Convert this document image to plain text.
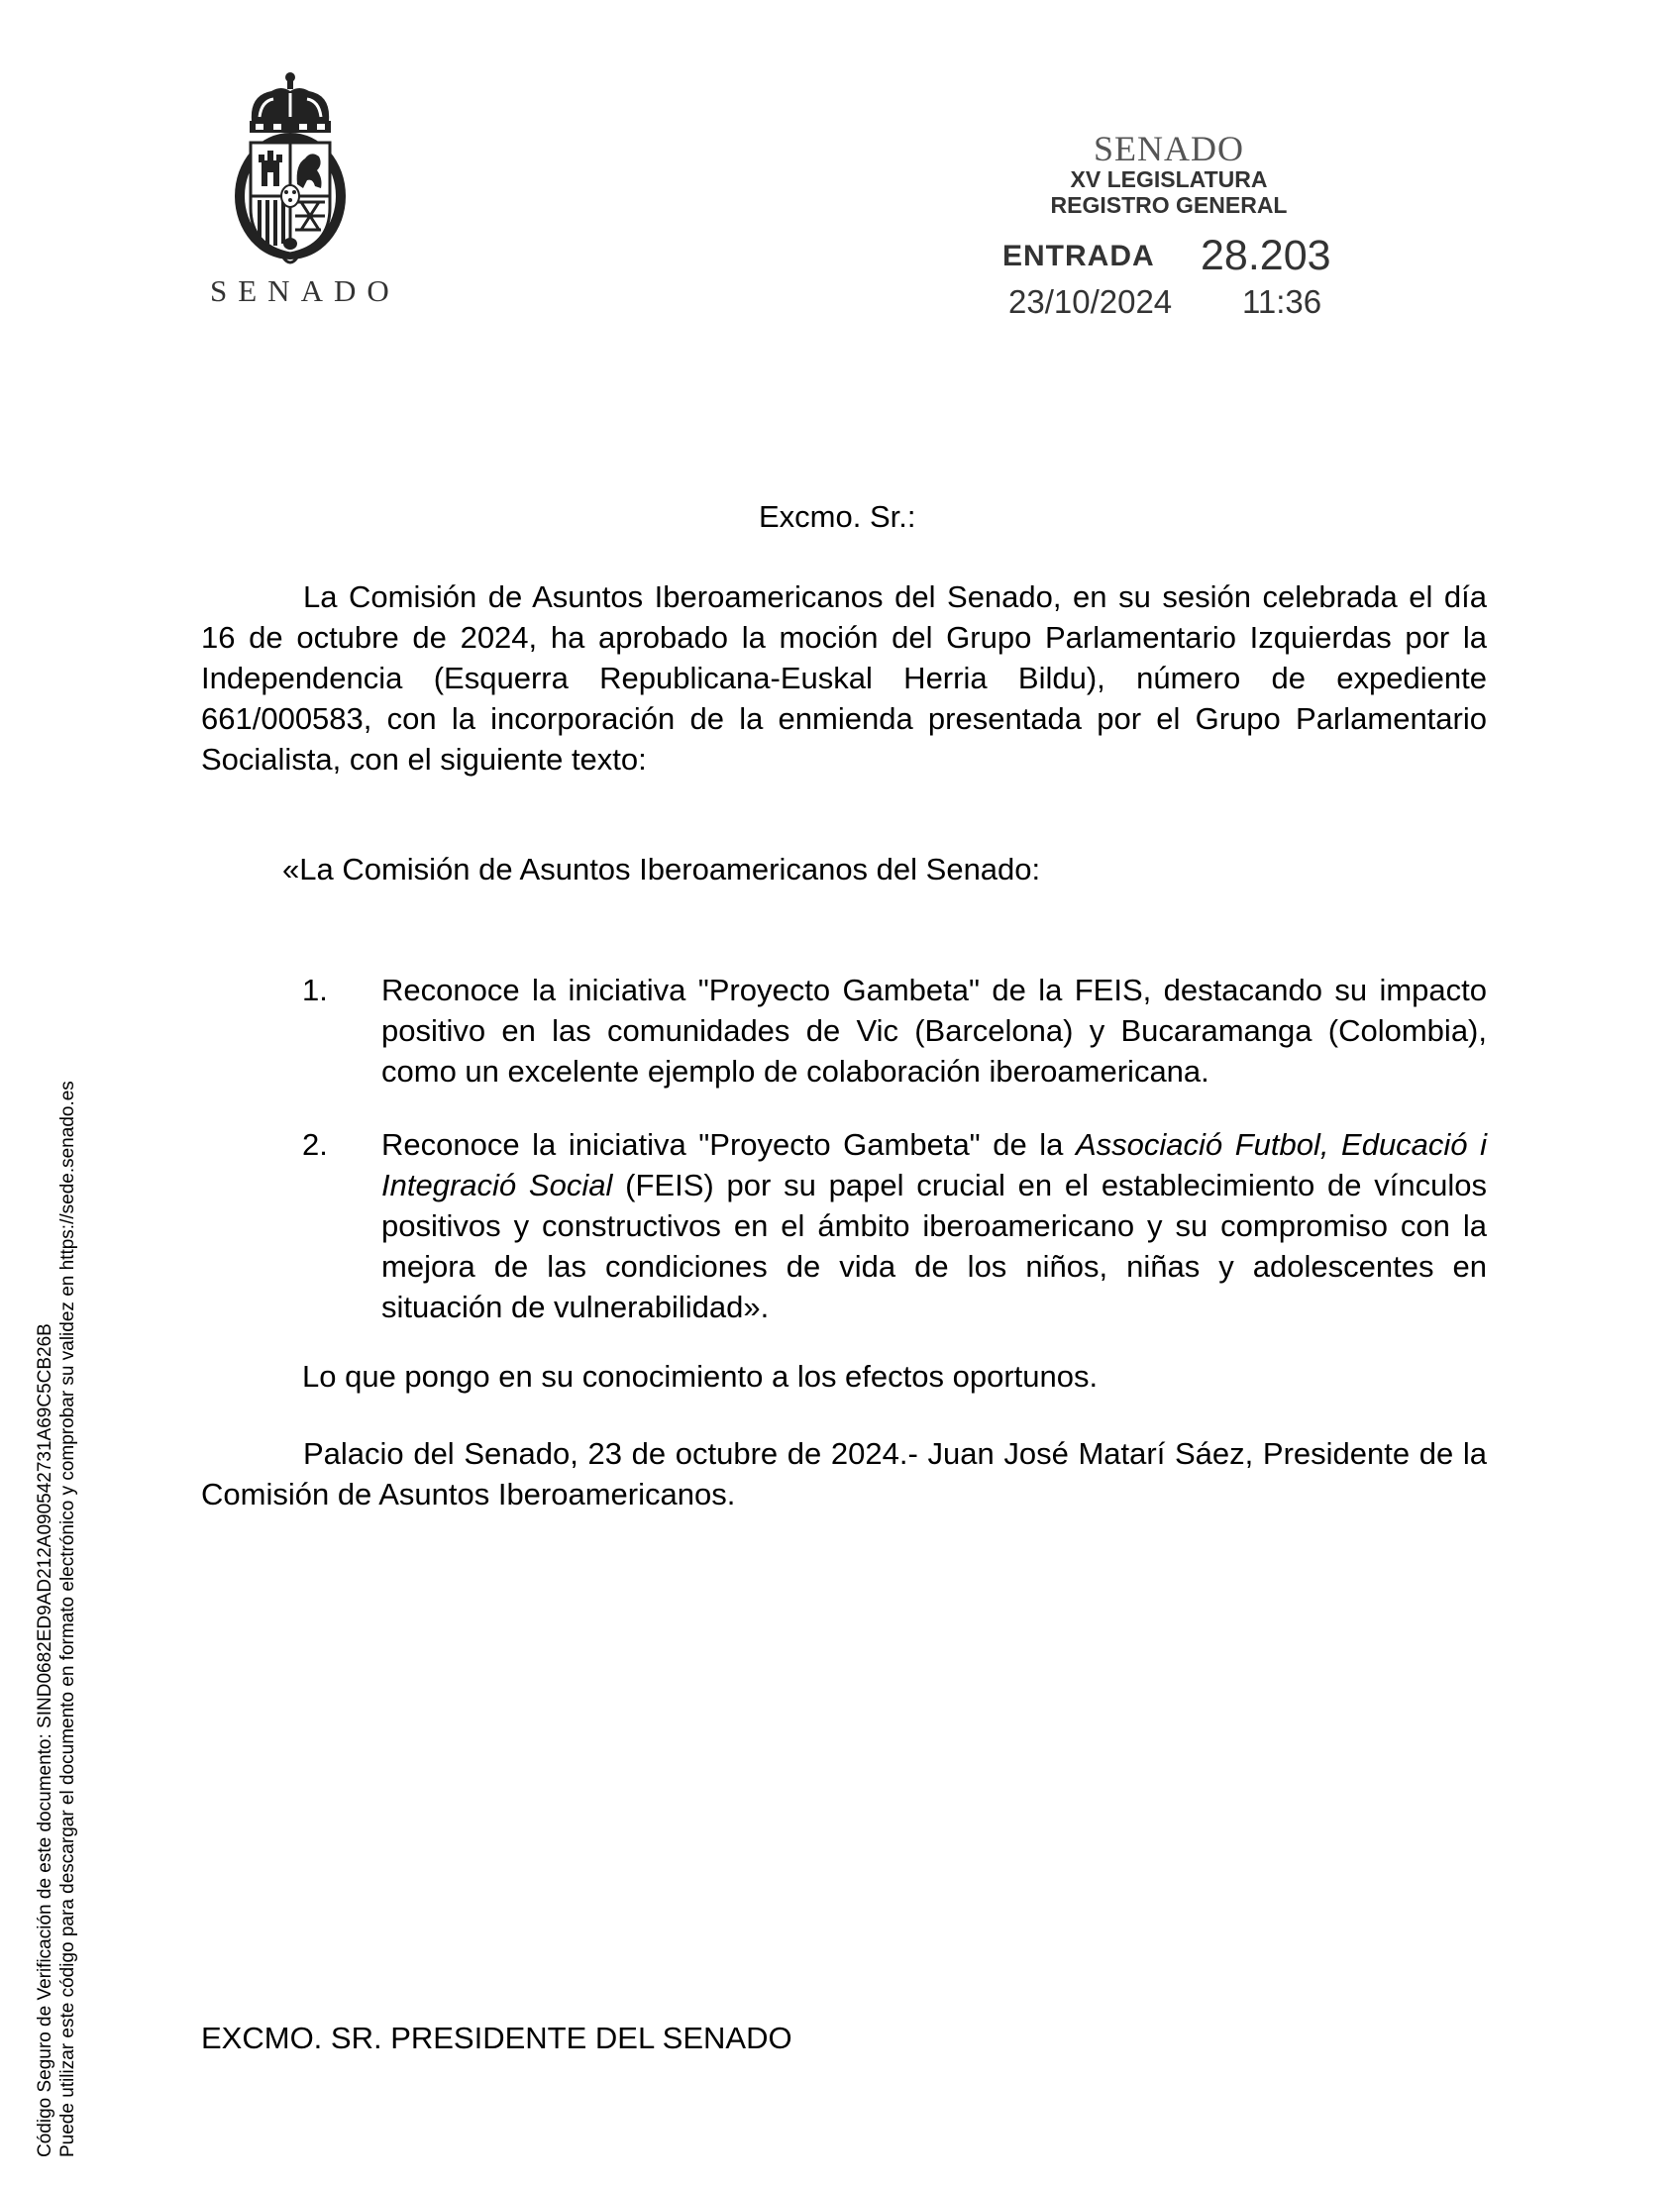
SENADO
SENADO
XV LEGISLATURA
REGISTRO GENERAL
ENTRADA 28.203
23/10/2024 11:36
Excmo. Sr.:
La Comisión de Asuntos Iberoamericanos del Senado, en su sesión celebrada el día 16 de octubre de 2024, ha aprobado la moción del Grupo Parlamentario Izquierdas por la Independencia (Esquerra Republicana-Euskal Herria Bildu), número de expediente 661/000583, con la incorporación de la enmienda presentada por el Grupo Parlamentario Socialista, con el siguiente texto:
«La Comisión de Asuntos Iberoamericanos del Senado:
1. Reconoce la iniciativa "Proyecto Gambeta" de la FEIS, destacando su impacto positivo en las comunidades de Vic (Barcelona) y Bucaramanga (Colombia), como un excelente ejemplo de colaboración iberoamericana.
2. Reconoce la iniciativa "Proyecto Gambeta" de la Associació Futbol, Educació i Integració Social (FEIS) por su papel crucial en el establecimiento de vínculos positivos y constructivos en el ámbito iberoamericano y su compromiso con la mejora de las condiciones de vida de los niños, niñas y adolescentes en situación de vulnerabilidad».
Lo que pongo en su conocimiento a los efectos oportunos.
Palacio del Senado, 23 de octubre de 2024.- Juan José Matarí Sáez, Presidente de la Comisión de Asuntos Iberoamericanos.
EXCMO. SR. PRESIDENTE DEL SENADO
Código Seguro de Verificación de este documento: SIND0682ED9AD212A090542731A69C5CB26B Puede utilizar este código para descargar el documento en formato electrónico y comprobar su validez en https://sede.senado.es
